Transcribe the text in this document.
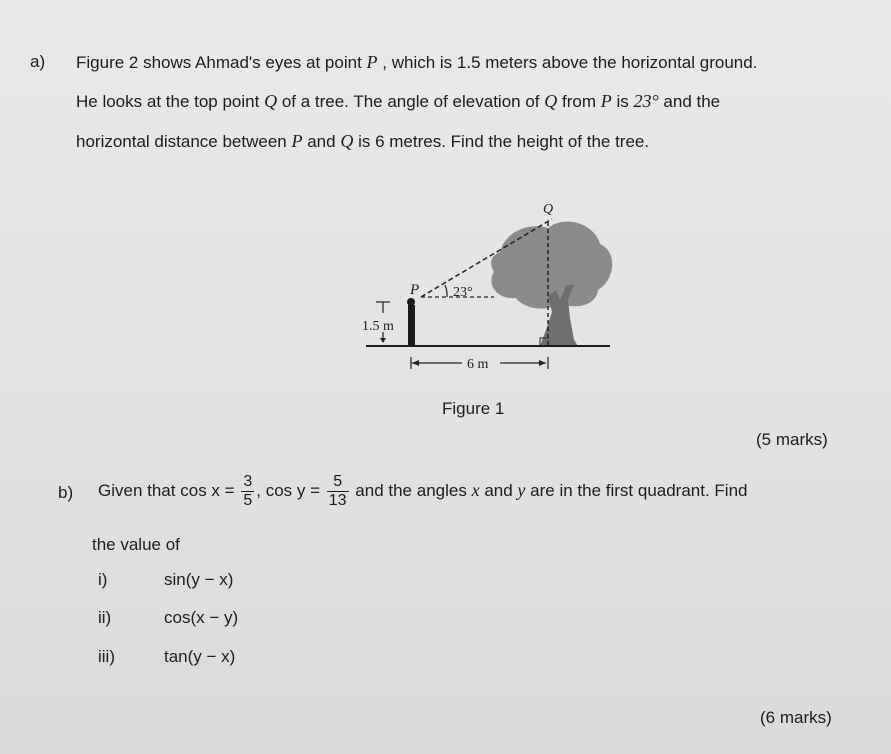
a) Figure 2 shows Ahmad's eyes at point P , which is 1.5 meters above the horizontal ground.
He looks at the top point Q of a tree. The angle of elevation of Q from P is 23° and the
horizontal distance between P and Q is 6 metres. Find the height of the tree.
Q
P 23°
1.5 m
6 m
Figure 1
(5 marks)
b) Given that $\cos x = \frac{3}{5}$ , $\cos y = \frac{5}{13}$ and the angles x and y are in the first quadrant. Find
the value of
i)	sin(y − x)
ii)	cos(x − y)
iii)	tan(y − x)
(6 marks)
